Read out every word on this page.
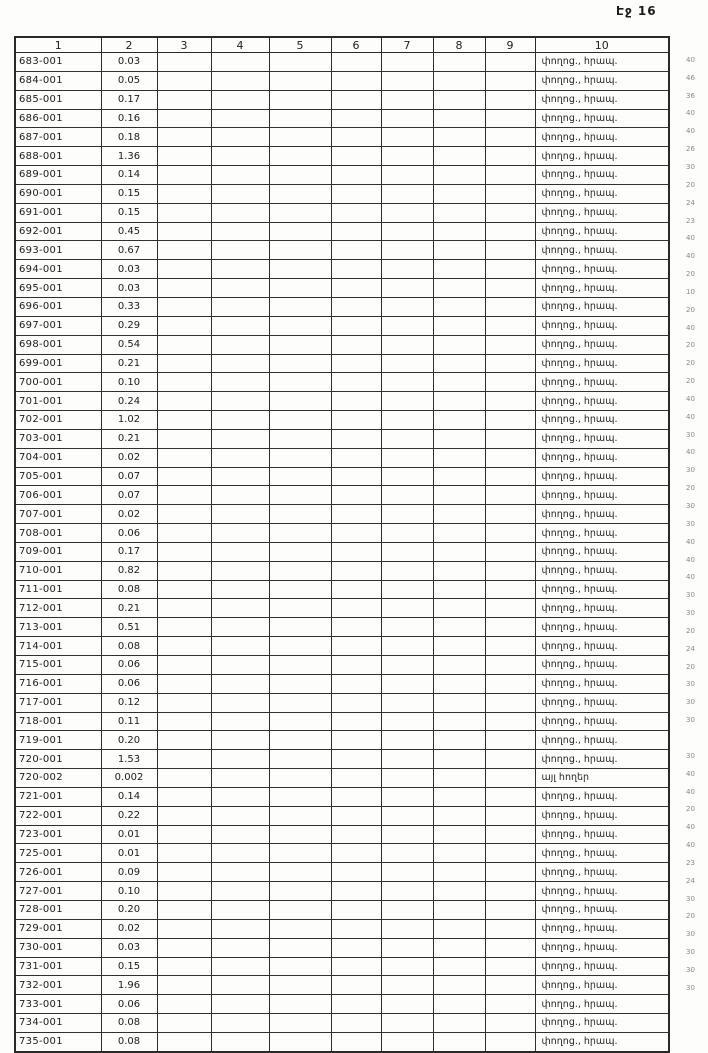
Էջ 16
1	2	3	4	5	6	7	8	9	10
683-001	0.03								փողոց., հրապ.
684-001	0.05								փողոց., հրապ.
685-001	0.17								փողոց., հրապ.
686-001	0.16								փողոց., հրապ.
687-001	0.18								փողոց., հրապ.
688-001	1.36								փողոց., հրապ.
689-001	0.14								փողոց., հրապ.
690-001	0.15								փողոց., հրապ.
691-001	0.15								փողոց., հրապ.
692-001	0.45								փողոց., հրապ.
693-001	0.67								փողոց., հրապ.
694-001	0.03								փողոց., հրապ.
695-001	0.03								փողոց., հրապ.
696-001	0.33								փողոց., հրապ.
697-001	0.29								փողոց., հրապ.
698-001	0.54								փողոց., հրապ.
699-001	0.21								փողոց., հրապ.
700-001	0.10								փողոց., հրապ.
701-001	0.24								փողոց., հրապ.
702-001	1.02								փողոց., հրապ.
703-001	0.21								փողոց., հրապ.
704-001	0.02								փողոց., հրապ.
705-001	0.07								փողոց., հրապ.
706-001	0.07								փողոց., հրապ.
707-001	0.02								փողոց., հրապ.
708-001	0.06								փողոց., հրապ.
709-001	0.17								փողոց., հրապ.
710-001	0.82								փողոց., հրապ.
711-001	0.08								փողոց., հրապ.
712-001	0.21								փողոց., հրապ.
713-001	0.51								փողոց., հրապ.
714-001	0.08								փողոց., հրապ.
715-001	0.06								փողոց., հրապ.
716-001	0.06								փողոց., հրապ.
717-001	0.12								փողոց., հրապ.
718-001	0.11								փողոց., հրապ.
719-001	0.20								փողոց., հրապ.
720-001	1.53								փողոց., հրապ.
720-002	0.002								այլ հողեր
721-001	0.14								փողոց., հրապ.
722-001	0.22								փողոց., հրապ.
723-001	0.01								փողոց., հրապ.
725-001	0.01								փողոց., հրապ.
726-001	0.09								փողոց., հրապ.
727-001	0.10								փողոց., հրապ.
728-001	0.20								փողոց., հրապ.
729-001	0.02								փողոց., հրապ.
730-001	0.03								փողոց., հրապ.
731-001	0.15								փողոց., հրապ.
732-001	1.96								փողոց., հրապ.
733-001	0.06								փողոց., հրապ.
734-001	0.08								փողոց., հրապ.
735-001	0.08								փողոց., հրապ.
40
46
36
40
40
26
30
20
24
23
40
40
20
10
20
40
20
20
20
40
40
30
40
30
20
30
30
40
40
40
30
30
20
24
20
30
30
30
30
40
40
20
40
40
23
24
30
20
30
30
30
30
